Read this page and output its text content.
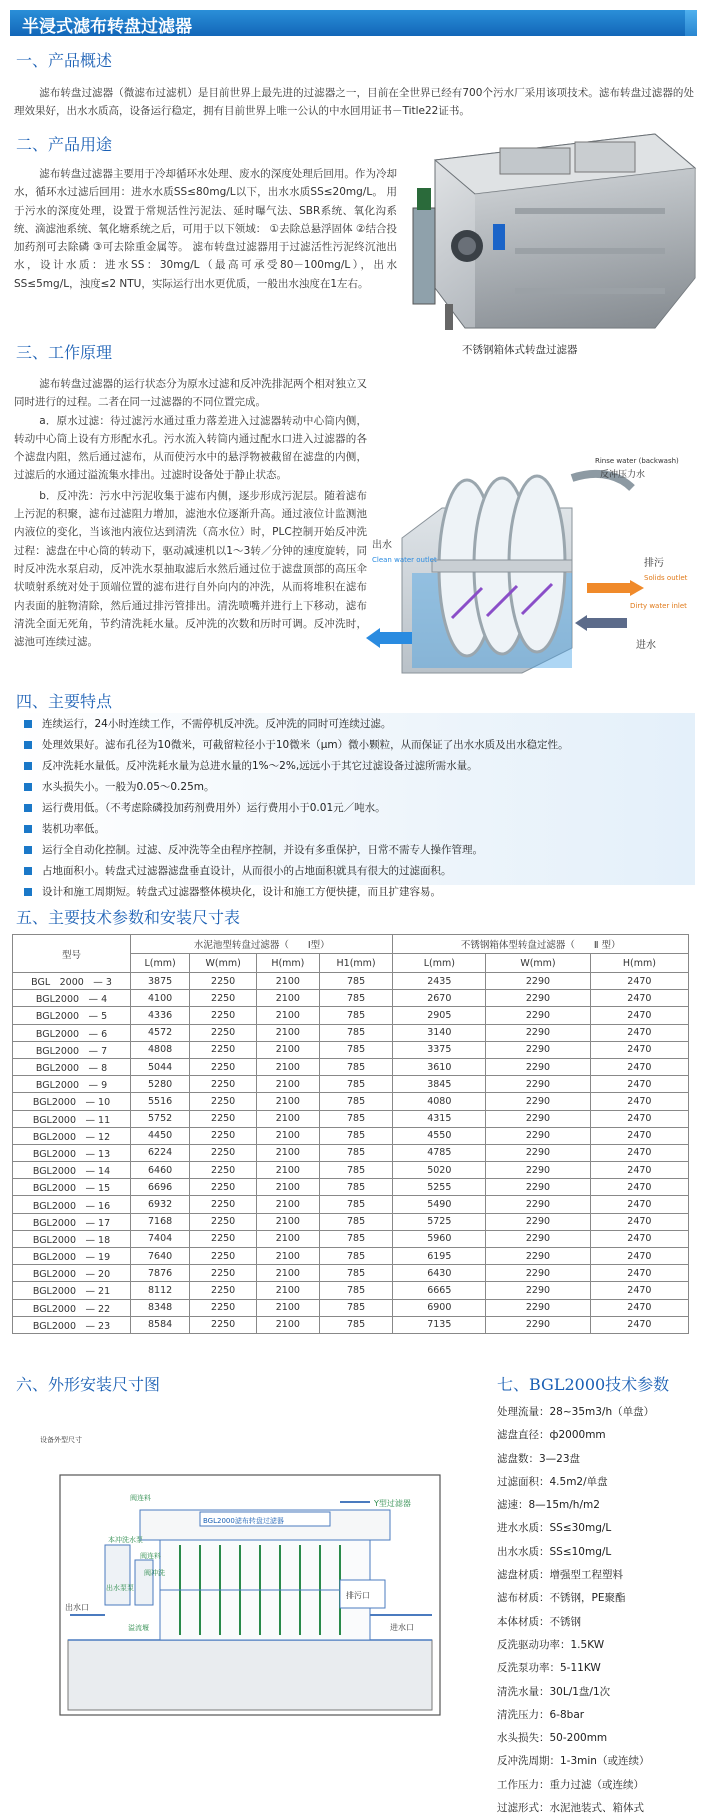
半浸式滤布转盘过滤器
一、产品概述
滤布转盘过滤器（微滤布过滤机）是目前世界上最先进的过滤器之一，目前在全世界已经有700个污水厂采用该项技术。滤布转盘过滤器的处理效果好，出水水质高，设备运行稳定，拥有目前世界上唯一公认的中水回用证书－Title22证书。
二、产品用途
滤布转盘过滤器主要用于冷却循环水处理、废水的深度处理后回用。作为冷却水，循环水过滤后回用：进水水质SS≤80mg/L以下，出水水质SS≤20mg/L。 用于污水的深度处理，设置于常规活性污泥法、延时曝气法、SBR系统、氧化沟系统、滴滤池系统、氧化塘系统之后，可用于以下领域： ①去除总悬浮固体 ②结合投加药剂可去除磷 ③可去除重金属等。 滤布转盘过滤器用于过滤活性污泥终沉池出水，设计水质：进水SS：30mg/L（最高可承受80－100mg/L），出水SS≤5mg/L，浊度≤2 NTU，实际运行出水更优质，一般出水浊度在1左右。
不锈钢箱体式转盘过滤器
三、工作原理

滤布转盘过滤器的运行状态分为原水过滤和反冲洗排泥两个相对独立又同时进行的过程。二者在同一过滤器的不同位置完成。

a．原水过滤：待过滤污水通过重力落差进入过滤器转动中心筒内侧，转动中心筒上设有方形配水孔。污水流入转筒内通过配水口进入过滤器的各个滤盘内阻，然后通过滤布，从而使污水中的悬浮物被截留在滤盘的内侧，过滤后的水通过溢流集水排出。过滤时设备处于静止状态。

b．反冲洗：污水中污泥收集于滤布内侧，逐步形成污泥层。随着滤布上污泥的积聚，滤布过滤阻力增加，滤池水位逐渐升高。通过液位计监测池内液位的变化，当该池内液位达到清洗（高水位）时，PLC控制开始反冲洗过程：滤盘在中心筒的转动下，驱动减速机以1～3转／分钟的速度旋转，同时反冲洗水泵启动，反冲洗水泵抽取滤后水然后通过位于滤盘顶部的高压伞状喷射系统对处于顶端位置的滤布进行自外向内的冲洗，从而将堆积在滤布内表面的脏物清除，然后通过排污管排出。清洗喷嘴并进行上下移动，滤布清洗全面无死角，节约清洗耗水量。反冲洗的次数和历时可调。反冲洗时，滤池可连续过滤。

Rinse water (backwash)
反冲压力水
排污
Solids outlet
Dirty water inlet
进水
出水
Clean water outlet
四、主要特点
连续运行，24小时连续工作，不需停机反冲洗。反冲洗的同时可连续过滤。
处理效果好。滤布孔径为10微米，可截留粒径小于10微米（μm）微小颗粒，从而保证了出水水质及出水稳定性。
反冲洗耗水量低。反冲洗耗水量为总进水量的1%～2%,远远小于其它过滤设备过滤所需水量。
水头损失小。一般为0.05～0.25m。
运行费用低。（不考虑除磷投加药剂费用外）运行费用小于0.01元／吨水。
装机功率低。
运行全自动化控制。过滤、反冲洗等全由程序控制，并设有多重保护，日常不需专人操作管理。
占地面积小。转盘式过滤器滤盘垂直设计，从而很小的占地面积就具有很大的过滤面积。
设计和施工周期短。转盘式过滤器整体模块化，设计和施工方便快捷，而且扩建容易。
五、主要技术参数和安装尺寸表
型号	水泥池型转盘过滤器（　　Ⅰ型）				不锈钢箱体型转盘过滤器（　　Ⅱ 型）		
	L(mm)	W(mm)	H(mm)	H1(mm)	L(mm)	W(mm)	H(mm)
BGL　2000　— 3	3875	2250	2100	785	2435	2290	2470
BGL2000　— 4	4100	2250	2100	785	2670	2290	2470
BGL2000　— 5	4336	2250	2100	785	2905	2290	2470
BGL2000　— 6	4572	2250	2100	785	3140	2290	2470
BGL2000　— 7	4808	2250	2100	785	3375	2290	2470
BGL2000　— 8	5044	2250	2100	785	3610	2290	2470
BGL2000　— 9	5280	2250	2100	785	3845	2290	2470
BGL2000　— 10	5516	2250	2100	785	4080	2290	2470
BGL2000　— 11	5752	2250	2100	785	4315	2290	2470
BGL2000　— 12	4450	2250	2100	785	4550	2290	2470
BGL2000　— 13	6224	2250	2100	785	4785	2290	2470
BGL2000　— 14	6460	2250	2100	785	5020	2290	2470
BGL2000　— 15	6696	2250	2100	785	5255	2290	2470
BGL2000　— 16	6932	2250	2100	785	5490	2290	2470
BGL2000　— 17	7168	2250	2100	785	5725	2290	2470
BGL2000　— 18	7404	2250	2100	785	5960	2290	2470
BGL2000　— 19	7640	2250	2100	785	6195	2290	2470
BGL2000　— 20	7876	2250	2100	785	6430	2290	2470
BGL2000　— 21	8112	2250	2100	785	6665	2290	2470
BGL2000　— 22	8348	2250	2100	785	6900	2290	2470
BGL2000　— 23	8584	2250	2100	785	7135	2290	2470
六、外形安装尺寸图
设备外型尺寸
BGL2000滤布转盘过滤器
阀连料
阀连料
Y型过滤器
本冲洗水泵
阀冲洗
出水泵泵
排污口
进水口
出水口
溢流堰
七、BGL2000技术参数
处理流量：28~35m3/h（单盘）
滤盘直径：ф2000mm
滤盘数：3—23盘
过滤面积：4.5m2/单盘
滤速：8—15m/h/m2
进水水质：SS≤30mg/L
出水水质：SS≤10mg/L
滤盘材质：增强型工程塑料
滤布材质：不锈钢，PE聚酯
本体材质：不锈钢
反洗驱动功率：1.5KW
反洗泵功率：5-11KW
清洗水量：30L/1盘/1次
清洗压力：6-8bar
水头损失：50-200mm
反冲洗周期：1-3min（或连续）
工作压力：重力过滤（或连续）
过滤形式：水泥池装式、箱体式
